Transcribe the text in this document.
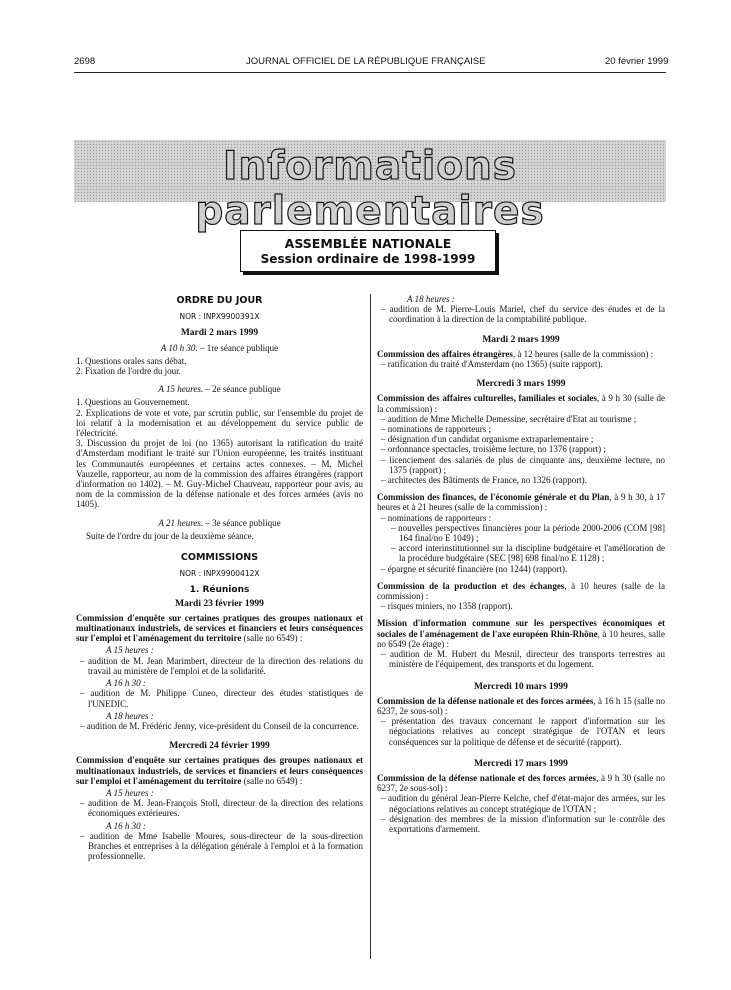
2698	JOURNAL OFFICIEL DE LA RÉPUBLIQUE FRANÇAISE	20 février 1999
Informations parlementaires
ASSEMBLÉE NATIONALE
Session ordinaire de 1998-1999
ORDRE DU JOUR
NOR : INPX9900391X
Mardi 2 mars 1999
A 10 h 30. – 1re séance publique

1. Questions orales sans débat.

2. Fixation de l'ordre du jour.

A 15 heures. – 2e séance publique

1. Questions au Gouvernement.

2. Explications de vote et vote, par scrutin public, sur l'ensemble du projet de loi relatif à la modernisation et au développement du service public de l'électricité.

3. Discussion du projet de loi (no 1365) autorisant la ratification du traité d'Amsterdam modifiant le traité sur l'Union européenne, les traités instituant les Communautés européennes et certains actes connexes. – M. Michel Vauzelle, rapporteur, au nom de la commission des affaires étrangères (rapport d'information no 1402). – M. Guy-Michel Chauveau, rapporteur pour avis, au nom de la commission de la défense nationale et des forces armées (avis no 1405).

A 21 heures. – 3e séance publique

Suite de l'ordre du jour de la deuxième séance.

COMMISSIONS
NOR : INPX9900412X
1. Réunions
Mardi 23 février 1999

Commission d'enquête sur certaines pratiques des groupes nationaux et multinationaux industriels, de services et financiers et leurs conséquences sur l'emploi et l'aménagement du territoire (salle no 6549) :

A 15 heures :

– audition de M. Jean Marimbert, directeur de la direction des relations du travail au ministère de l'emploi et de la solidarité.

A 16 h 30 :

– audition de M. Philippe Cuneo, directeur des études statistiques de l'UNEDIC.

A 18 heures :

– audition de M. Frédéric Jenny, vice-président du Conseil de la concurrence.

Mercredi 24 février 1999

Commission d'enquête sur certaines pratiques des groupes nationaux et multinationaux industriels, de services et financiers et leurs conséquences sur l'emploi et l'aménagement du territoire (salle no 6549) :

A 15 heures :

– audition de M. Jean-François Stoll, directeur de la direction des relations économiques extérieures.

A 16 h 30 :

– audition de Mme Isabelle Moures, sous-directeur de la sous-direction Branches et entreprises à la délégation générale à l'emploi et à la formation professionnelle.

A 18 heures :

– audition de M. Pierre-Louis Mariel, chef du service des études et de la coordination à la direction de la comptabilité publique.

Mardi 2 mars 1999

Commission des affaires étrangères, à 12 heures (salle de la commission) :

– ratification du traité d'Amsterdam (no 1365) (suite rapport).

Mercredi 3 mars 1999

Commission des affaires culturelles, familiales et sociales, à 9 h 30 (salle de la commission) :

– audition de Mme Michelle Demessine, secrétaire d'Etat au tourisme ;

– nominations de rapporteurs ;

– désignation d'un candidat organisme extraparlementaire ;

– ordonnance spectacles, troisième lecture, no 1376 (rapport) ;

– licenciement des salariés de plus de cinquante ans, deuxième lecture, no 1375 (rapport) ;

– architectes des Bâtiments de France, no 1326 (rapport).

Commission des finances, de l'économie générale et du Plan, à 9 h 30, à 17 heures et à 21 heures (salle de la commission) :

– nominations de rapporteurs :

– nouvelles perspectives financières pour la période 2000-2006 (COM [98] 164 final/no E 1049) ;

– accord interinstitutionnel sur la discipline budgétaire et l'amélioration de la procédure budgétaire (SEC [98] 698 final/no E 1128) ;

– épargne et sécurité financière (no 1244) (rapport).

Commission de la production et des échanges, à 10 heures (salle de la commission) :

– risques miniers, no 1358 (rapport).

Mission d'information commune sur les perspectives économiques et sociales de l'aménagement de l'axe européen Rhin-Rhône, à 10 heures, salle no 6549 (2e étage) :

– audition de M. Hubert du Mesnil, directeur des transports terrestres au ministère de l'équipement, des transports et du logement.

Mercredi 10 mars 1999

Commission de la défense nationale et des forces armées, à 16 h 15 (salle no 6237, 2e sous-sol) :

– présentation des travaux concernant le rapport d'information sur les négociations relatives au concept stratégique de l'OTAN et leurs conséquences sur la politique de défense et de sécurité (rapport).

Mercredi 17 mars 1999

Commission de la défense nationale et des forces armées, à 9 h 30 (salle no 6237, 2e sous-sol) :

– audition du général Jean-Pierre Kelche, chef d'état-major des armées, sur les négociations relatives au concept stratégique de l'OTAN ;

– désignation des membres de la mission d'information sur le contrôle des exportations d'armement.
